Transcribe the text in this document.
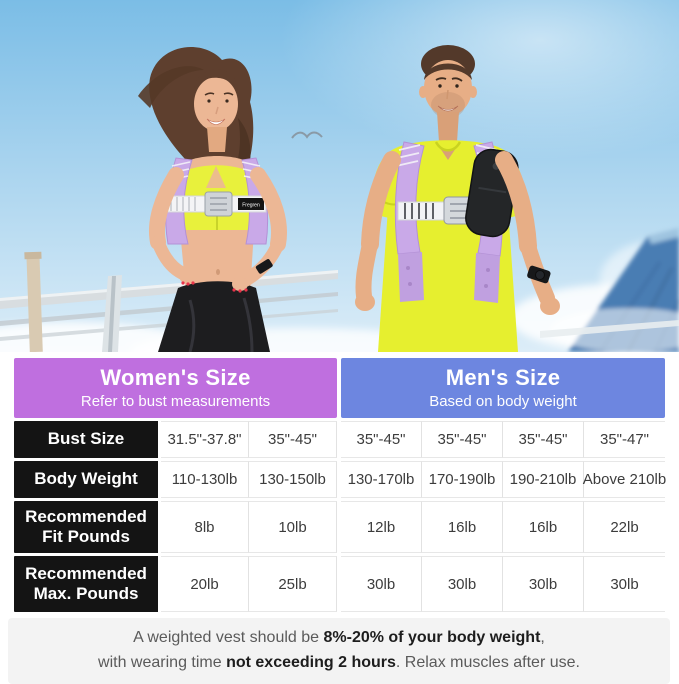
Fregren
Women's Size
Refer to bust measurements
Men's Size
Based on body weight
Bust Size	31.5"-37.8"	35"-45"	35"-45"	35"-45"	35"-45"	35"-47"
Body Weight	110-130lb	130-150lb	130-170lb 170-190lb 190-210lb Above 210lb
Recommended Fit Pounds	8lb	10lb	12lb	16lb	16lb	22lb
Recommended Max. Pounds	20lb	25lb	30lb	30lb	30lb	30lb

A weighted vest should be 8%-20% of your body weight,

with wearing time not exceeding 2 hours. Relax muscles after use.
